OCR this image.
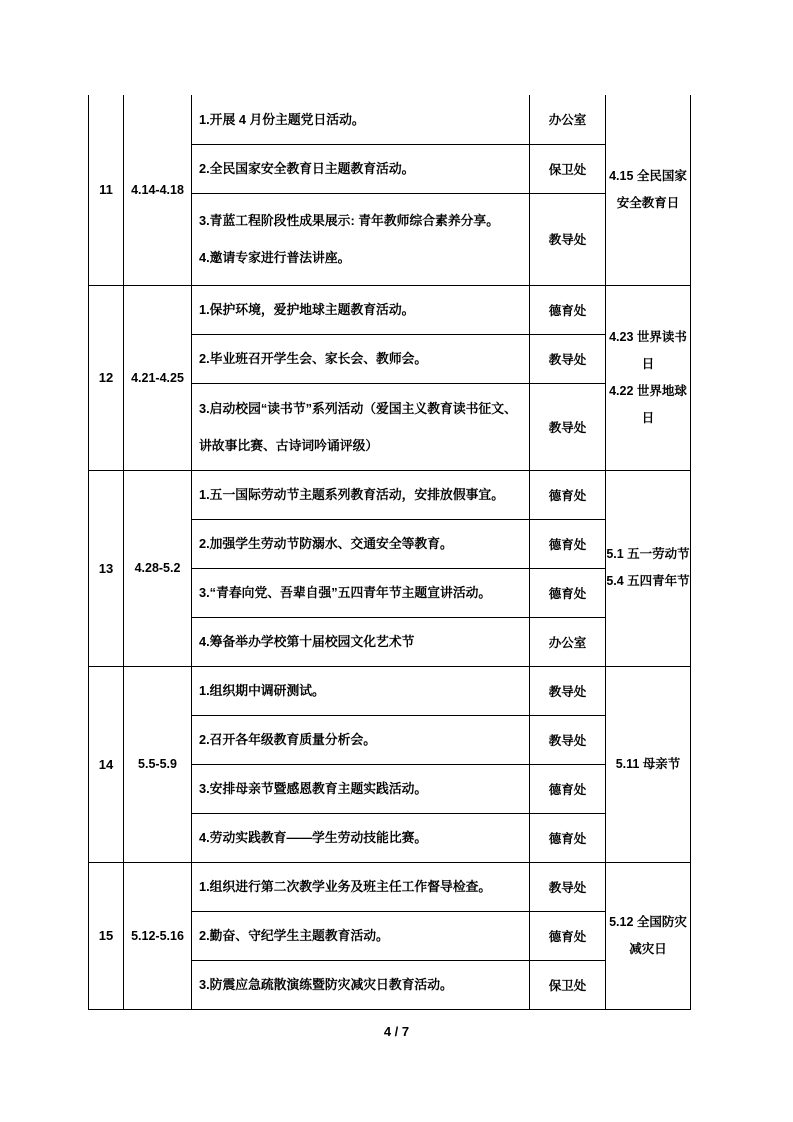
11	4.14-4.18	1.开展 4 月份主题党日活动。	办公室	4.15 全民国家安全教育日

		2.全民国家安全教育日主题教育活动。	保卫处	

		3.青蓝工程阶段性成果展示: 青年教师综合素养分享。
4.邀请专家进行普法讲座。	教导处	
12	4.21-4.25	1.保护环境，爱护地球主题教育活动。	德育处	4.23 世界读书日
4.22 世界地球日

		2.毕业班召开学生会、家长会、教师会。	教导处	

		3.启动校园“读书节”系列活动（爱国主义教育读书征文、讲故事比赛、古诗词吟诵评级）	教导处	
13	4.28-5.2	1.五一国际劳动节主题系列教育活动，安排放假事宜。	德育处	5.1 五一劳动节
5.4 五四青年节

		2.加强学生劳动节防溺水、交通安全等教育。	德育处	

		3.“青春向党、吾辈自强”五四青年节主题宣讲活动。	德育处	

		4.筹备举办学校第十届校园文化艺术节	办公室	
14	5.5-5.9	1.组织期中调研测试。	教导处	5.11 母亲节

		2.召开各年级教育质量分析会。	教导处	

		3.安排母亲节暨感恩教育主题实践活动。	德育处	

		4.劳动实践教育——学生劳动技能比赛。	德育处	
15	5.12-5.16	1.组织进行第二次教学业务及班主任工作督导检查。	教导处	5.12 全国防灾减灾日

		2.勤奋、守纪学生主题教育活动。	德育处	

		3.防震应急疏散演练暨防灾减灾日教育活动。	保卫处	
4 / 7
